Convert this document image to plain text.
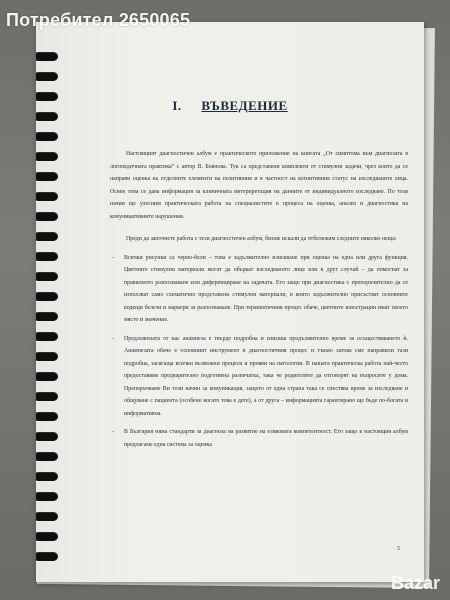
I. ВЪВЕДЕНИЕ

Настоящият диагностичен албум е практическото приложение на книгата „От симптома към диагнозата в логопедичната практика“ с автор В. Боянова. Тук са представени комплекти от стимулни задачи, чрез които да се направи оценка на отделните елементи на позитивния и в частност на когнитивния статус на изследваните лица. Освен това се дава информация за клиничната интерпретация на данните от индивидуалното изследване. По този начин ще улесним практическата работа на специалистите в процеса на оценка, анализ и диагностика на комуникативните нарушения.

Преди да започнете работа с тези диагностичен албум, бихме искали да отбележим следните няколко неща:

- Всички рисунки са черно-бели – това е задължително изискване при оценка на една или друга функция. Цветните стимулни материали могат да объркат изследваното лице или в друг случай – да помогнат за правилното разпознаване или диференциране на задачата. Ето защо при диагностика с препоръчително да се използват само схематично представени стимулни материали, в които задължително присъстват основните водещи белези и маркери за разпознаване. При терапевтичния процес обаче, цветните илюстрации имат своето място и значение.
- Предложената от нас анамнеза е твърде подробна и изисква продължително време за осъществяването ѝ. Анамнезата обаче е основният инструмент в диагностичния процес и тъкмо затова сме направили тази подробна, засягаща всички възможни процеси и прояви на патологии. В нашата практическа работа най-често предоставяме предварително подготвена разпечатка, така че родителите да отговорят на въпросите у дома. Препоръчваме Ви този начин за комуникация, защото от една страна така се спестява време за изследване и общуване с пациента (особено когато това е дете), а от друга – информацията гарантирано ще бъде по-богата и информативна.
- В България няма стандарти за диагноза на развитие на езиковата компетентност. Ето защо в настоящия албум предлагаме една система за оценка
5
Потребител 2650065
Bazar
